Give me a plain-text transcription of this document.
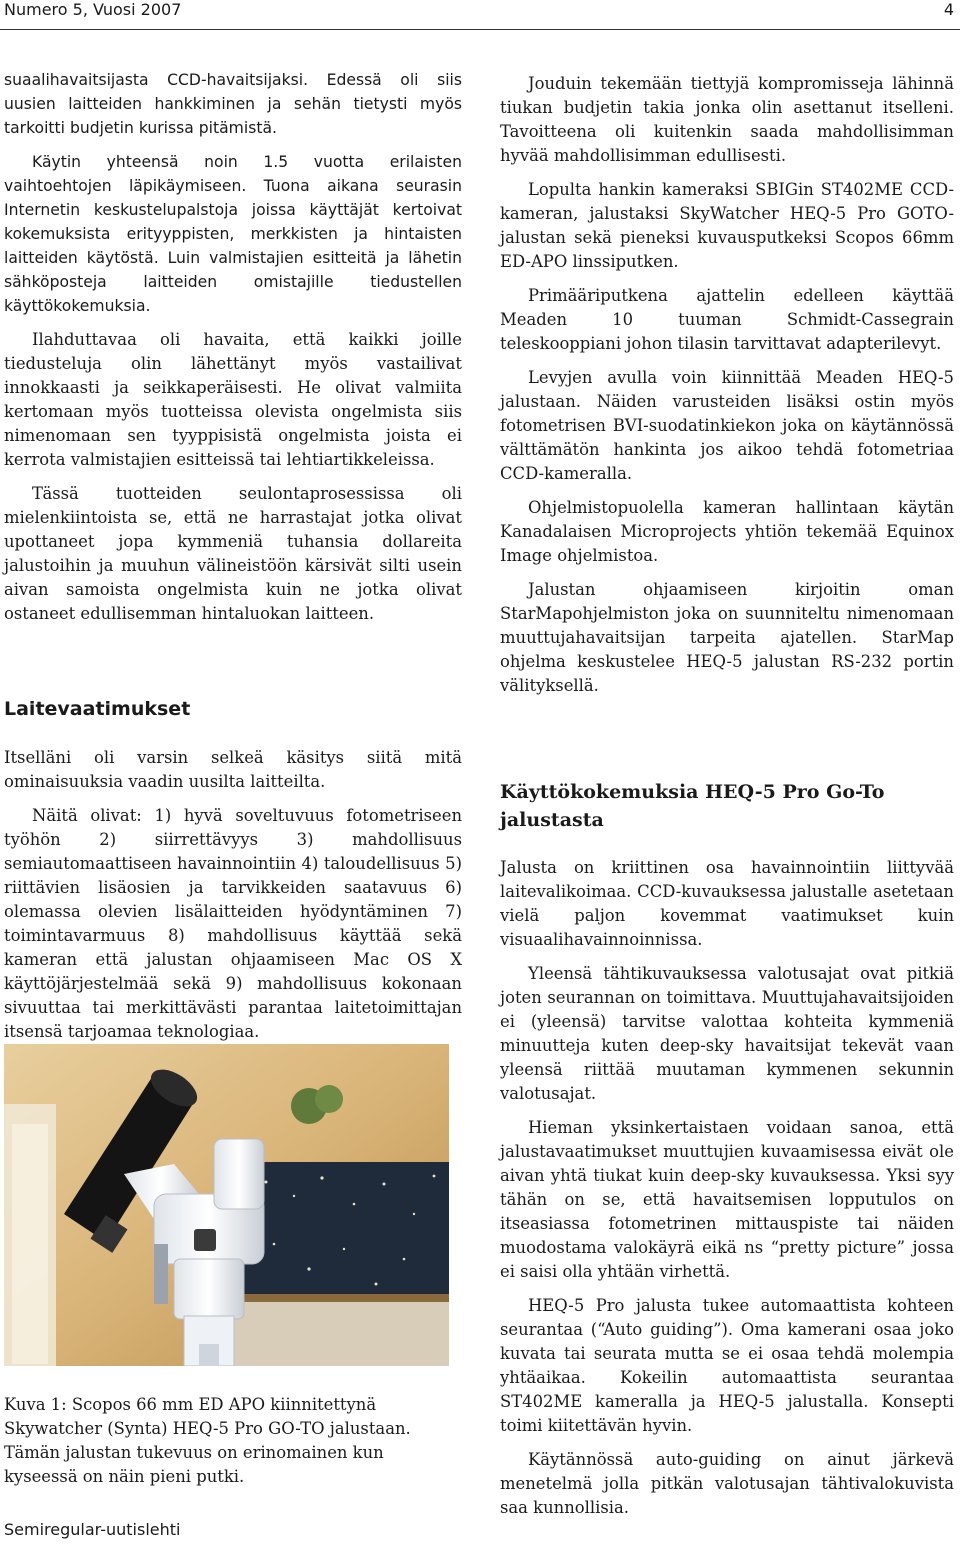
Numero 5, Vuosi 2007	4

suaalihavaitsijasta CCD-havaitsijaksi. Edessä oli siis uusien laitteiden hankkiminen ja sehän tietysti myös tarkoitti budjetin kurissa pitämistä.

Käytin yhteensä noin 1.5 vuotta erilaisten vaihtoehtojen läpikäymiseen. Tuona aikana seurasin Internetin keskustelupalstoja joissa käyttäjät kertoivat kokemuksista erityyppisten, merkkisten ja hintaisten laitteiden käytöstä. Luin valmistajien esitteitä ja lähetin sähköposteja laitteiden omistajille tiedustellen käyttökokemuksia.

Ilahduttavaa oli havaita, että kaikki joille tiedusteluja olin lähettänyt myös vastailivat innokkaasti ja seikkaperäisesti. He olivat valmiita kertomaan myös tuotteissa olevista ongelmista siis nimenomaan sen tyyppisistä ongelmista joista ei kerrota valmistajien esitteissä tai lehtiartikkeleissa.

Tässä tuotteiden seulontaprosessissa oli mielenkiintoista se, että ne harrastajat jotka olivat upottaneet jopa kymmeniä tuhansia dollareita jalustoihin ja muuhun välineistöön kärsivät silti usein aivan samoista ongelmista kuin ne jotka olivat ostaneet edullisemman hintaluokan laitteen.

Laitevaatimukset

Itselläni oli varsin selkeä käsitys siitä mitä ominaisuuksia vaadin uusilta laitteilta.

Näitä olivat: 1) hyvä soveltuvuus fotometriseen työhön 2) siirrettävyys 3) mahdollisuus semiautomaattiseen havainnointiin 4) taloudellisuus 5) riittävien lisäosien ja tarvikkeiden saatavuus 6) olemassa olevien lisälaitteiden hyödyntäminen 7) toimintavarmuus 8) mahdollisuus käyttää sekä kameran että jalustan ohjaamiseen Mac OS X käyttöjärjestelmää sekä 9) mahdollisuus kokonaan sivuuttaa tai merkittävästi parantaa laitetoimittajan itsensä tarjoamaa teknologiaa.

Kuva 1: Scopos 66 mm ED APO kiinnitettynä Skywatcher (Synta) HEQ-5 Pro GO-TO jalustaan. Tämän jalustan tukevuus on erinomainen kun kyseessä on näin pieni putki.

Jouduin tekemään tiettyjä kompromisseja lähinnä tiukan budjetin takia jonka olin asettanut itselleni. Tavoitteena oli kuitenkin saada mahdollisimman hyvää mahdollisimman edullisesti.

Lopulta hankin kameraksi SBIGin ST402ME CCD-kameran, jalustaksi SkyWatcher HEQ-5 Pro GOTO-jalustan sekä pieneksi kuvausputkeksi Scopos 66mm ED-APO linssiputken.

Primääriputkena ajattelin edelleen käyttää Meaden 10 tuuman Schmidt-Cassegrain teleskooppiani johon tilasin tarvittavat adapterilevyt.

Levyjen avulla voin kiinnittää Meaden HEQ-5 jalustaan. Näiden varusteiden lisäksi ostin myös fotometrisen BVI-suodatinkiekon joka on käytännössä välttämätön hankinta jos aikoo tehdä fotometriaa CCD-kameralla.

Ohjelmistopuolella kameran hallintaan käytän Kanadalaisen Microprojects yhtiön tekemää Equinox Image ohjelmistoa.

Jalustan ohjaamiseen kirjoitin oman StarMapohjelmiston joka on suunniteltu nimenomaan muuttujahavaitsijan tarpeita ajatellen. StarMap ohjelma keskustelee HEQ-5 jalustan RS-232 portin välityksellä.

Käyttökokemuksia HEQ-5 Pro Go-To jalustasta

Jalusta on kriittinen osa havainnointiin liittyvää laitevalikoimaa. CCD-kuvauksessa jalustalle asetetaan vielä paljon kovemmat vaatimukset kuin visuaalihavainnoinnissa.

Yleensä tähtikuvauksessa valotusajat ovat pitkiä joten seurannan on toimittava. Muuttujahavaitsijoiden ei (yleensä) tarvitse valottaa kohteita kymmeniä minuutteja kuten deep-sky havaitsijat tekevät vaan yleensä riittää muutaman kymmenen sekunnin valotusajat.

Hieman yksinkertaistaen voidaan sanoa, että jalustavaatimukset muuttujien kuvaamisessa eivät ole aivan yhtä tiukat kuin deep-sky kuvauksessa. Yksi syy tähän on se, että havaitsemisen lopputulos on itseasiassa fotometrinen mittauspiste tai näiden muodostama valokäyrä eikä ns “pretty picture” jossa ei saisi olla yhtään virhettä.

HEQ-5 Pro jalusta tukee automaattista kohteen seurantaa (“Auto guiding”). Oma kamerani osaa joko kuvata tai seurata mutta se ei osaa tehdä molempia yhtäaikaa. Kokeilin automaattista seurantaa ST402ME kameralla ja HEQ-5 jalustalla. Konsepti toimi kiitettävän hyvin.

Käytännössä auto-guiding on ainut järkevä menetelmä jolla pitkän valotusajan tähtivalokuvista saa kunnollisia.

Semiregular-uutislehti
